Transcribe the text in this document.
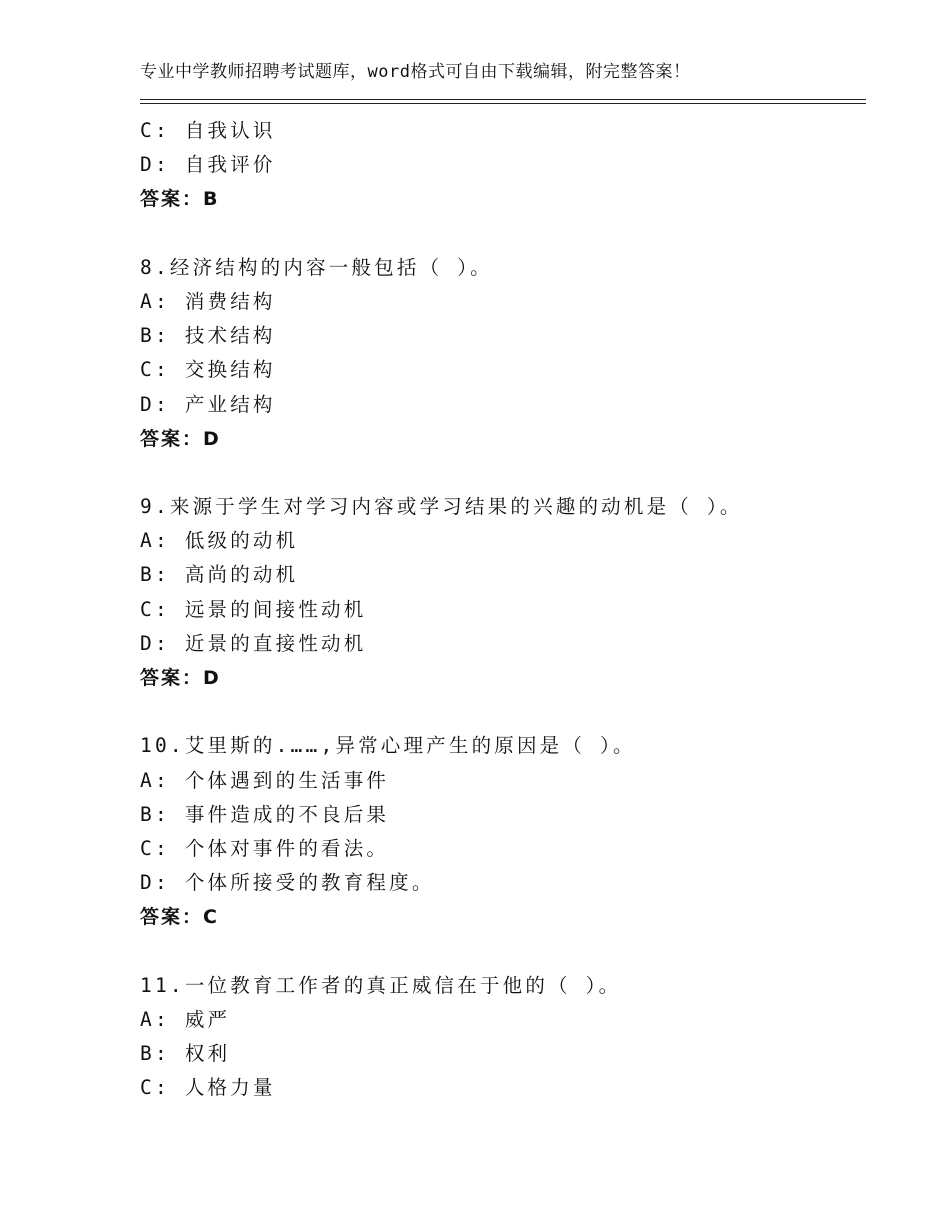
专业中学教师招聘考试题库，word格式可自由下载编辑，附完整答案！
C: 自我认识
D: 自我评价
答案：B
8.经济结构的内容一般包括（ ）。
A: 消费结构
B: 技术结构
C: 交换结构
D: 产业结构
答案：D
9.来源于学生对学习内容或学习结果的兴趣的动机是（ ）。
A: 低级的动机
B: 高尚的动机
C: 远景的间接性动机
D: 近景的直接性动机
答案：D
10.艾里斯的.……,异常心理产生的原因是（ ）。
A: 个体遇到的生活事件
B: 事件造成的不良后果
C: 个体对事件的看法。
D: 个体所接受的教育程度。
答案：C
11.一位教育工作者的真正威信在于他的（ ）。
A: 威严
B: 权利
C: 人格力量
